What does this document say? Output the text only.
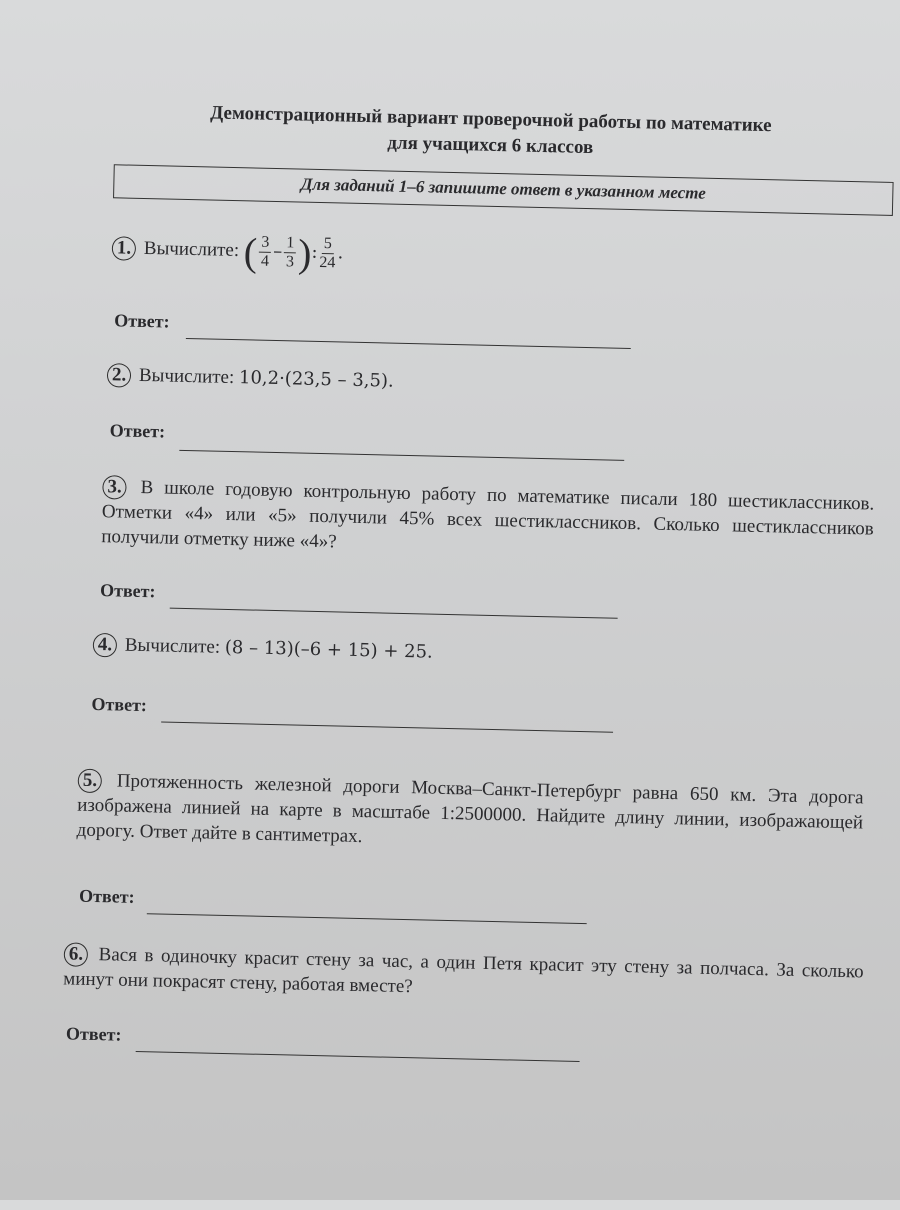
Демонстрационный вариант проверочной работы по математике
для учащихся 6 классов
Для заданий 1–6 запишите ответ в указанном месте
1. Вычислите: ( $\frac{3}{4} - \frac{1}{3}$ ): $\frac{5}{24}$ .
Ответ:
2. Вычислите: 10,2·(23,5 – 3,5).
Ответ:
3. В школе годовую контрольную работу по математике писали 180 шестиклассников. Отметки «4» или «5» получили 45% всех шестиклассников. Сколько шестиклассников получили отметку ниже «4»?
Ответ:
4. Вычислите: (8 – 13)(–6 + 15) + 25.
Ответ:
5. Протяженность железной дороги Москва–Санкт-Петербург равна 650 км. Эта дорога изображена линией на карте в масштабе 1:2500000. Найдите длину линии, изображающей дорогу. Ответ дайте в сантиметрах.
Ответ:
6. Вася в одиночку красит стену за час, а один Петя красит эту стену за полчаса. За сколько минут они покрасят стену, работая вместе?
Ответ:
